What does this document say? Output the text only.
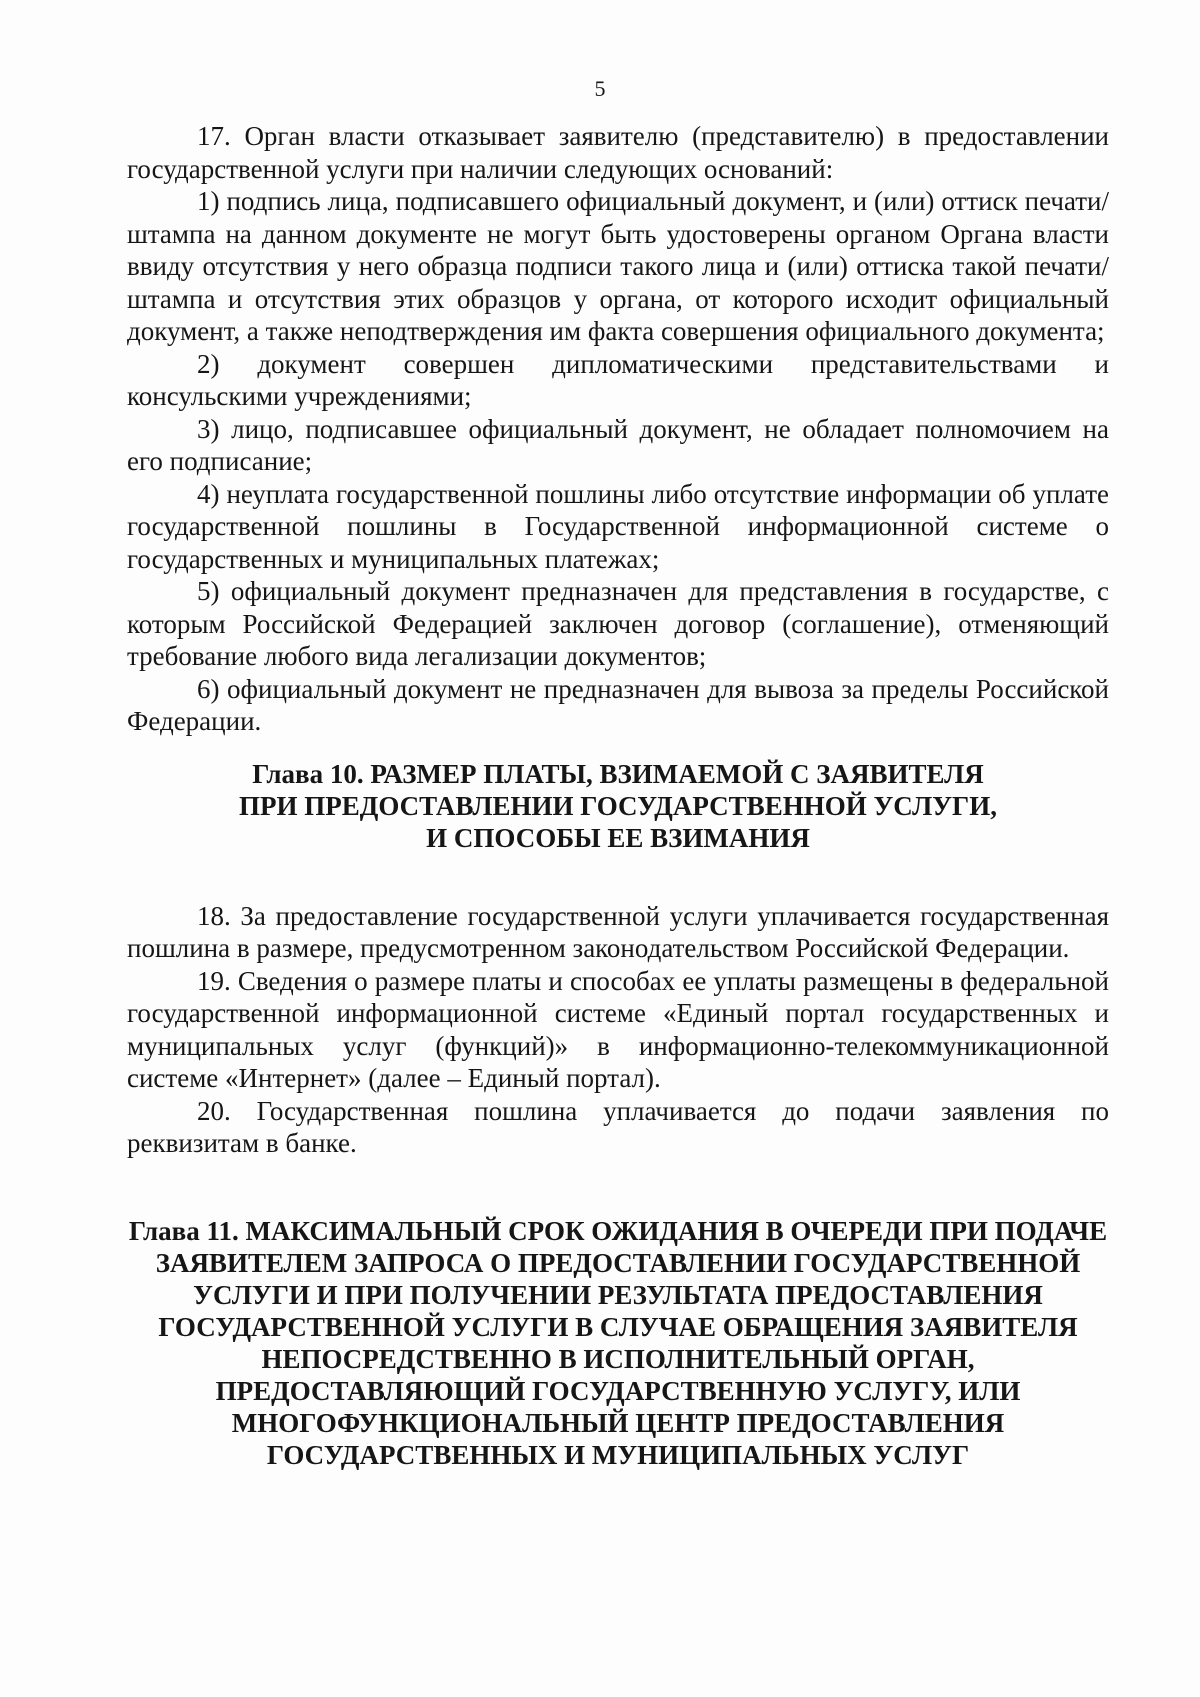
5

17. Орган власти отказывает заявителю (представителю) в предоставлении государственной услуги при наличии следующих оснований:

1) подпись лица, подписавшего официальный документ, и (или) оттиск печати/штампа на данном документе не могут быть удостоверены органом Органа власти ввиду отсутствия у него образца подписи такого лица и (или) оттиска такой печати/штампа и отсутствия этих образцов у органа, от которого исходит официальный документ, а также неподтверждения им факта совершения официального документа;

2) документ совершен дипломатическими представительствами и консульскими учреждениями;

3) лицо, подписавшее официальный документ, не обладает полномочием на его подписание;

4) неуплата государственной пошлины либо отсутствие информации об уплате государственной пошлины в Государственной информационной системе о государственных и муниципальных платежах;

5) официальный документ предназначен для представления в государстве, с которым Российской Федерацией заключен договор (соглашение), отменяющий требование любого вида легализации документов;

6) официальный документ не предназначен для вывоза за пределы Российской Федерации.

Глава 10. РАЗМЕР ПЛАТЫ, ВЗИМАЕМОЙ С ЗАЯВИТЕЛЯ
ПРИ ПРЕДОСТАВЛЕНИИ ГОСУДАРСТВЕННОЙ УСЛУГИ,
И СПОСОБЫ ЕЕ ВЗИМАНИЯ

18. За предоставление государственной услуги уплачивается государственная пошлина в размере, предусмотренном законодательством Российской Федерации.

19. Сведения о размере платы и способах ее уплаты размещены в федеральной государственной информационной системе «Единый портал государственных и муниципальных услуг (функций)» в информационно-телекоммуникационной системе «Интернет» (далее – Единый портал).

20. Государственная пошлина уплачивается до подачи заявления по реквизитам в банке.

Глава 11. МАКСИМАЛЬНЫЙ СРОК ОЖИДАНИЯ В ОЧЕРЕДИ ПРИ ПОДАЧЕ
ЗАЯВИТЕЛЕМ ЗАПРОСА О ПРЕДОСТАВЛЕНИИ ГОСУДАРСТВЕННОЙ
УСЛУГИ И ПРИ ПОЛУЧЕНИИ РЕЗУЛЬТАТА ПРЕДОСТАВЛЕНИЯ
ГОСУДАРСТВЕННОЙ УСЛУГИ В СЛУЧАЕ ОБРАЩЕНИЯ ЗАЯВИТЕЛЯ
НЕПОСРЕДСТВЕННО В ИСПОЛНИТЕЛЬНЫЙ ОРГАН,
ПРЕДОСТАВЛЯЮЩИЙ ГОСУДАРСТВЕННУЮ УСЛУГУ, ИЛИ
МНОГОФУНКЦИОНАЛЬНЫЙ ЦЕНТР ПРЕДОСТАВЛЕНИЯ
ГОСУДАРСТВЕННЫХ И МУНИЦИПАЛЬНЫХ УСЛУГ
